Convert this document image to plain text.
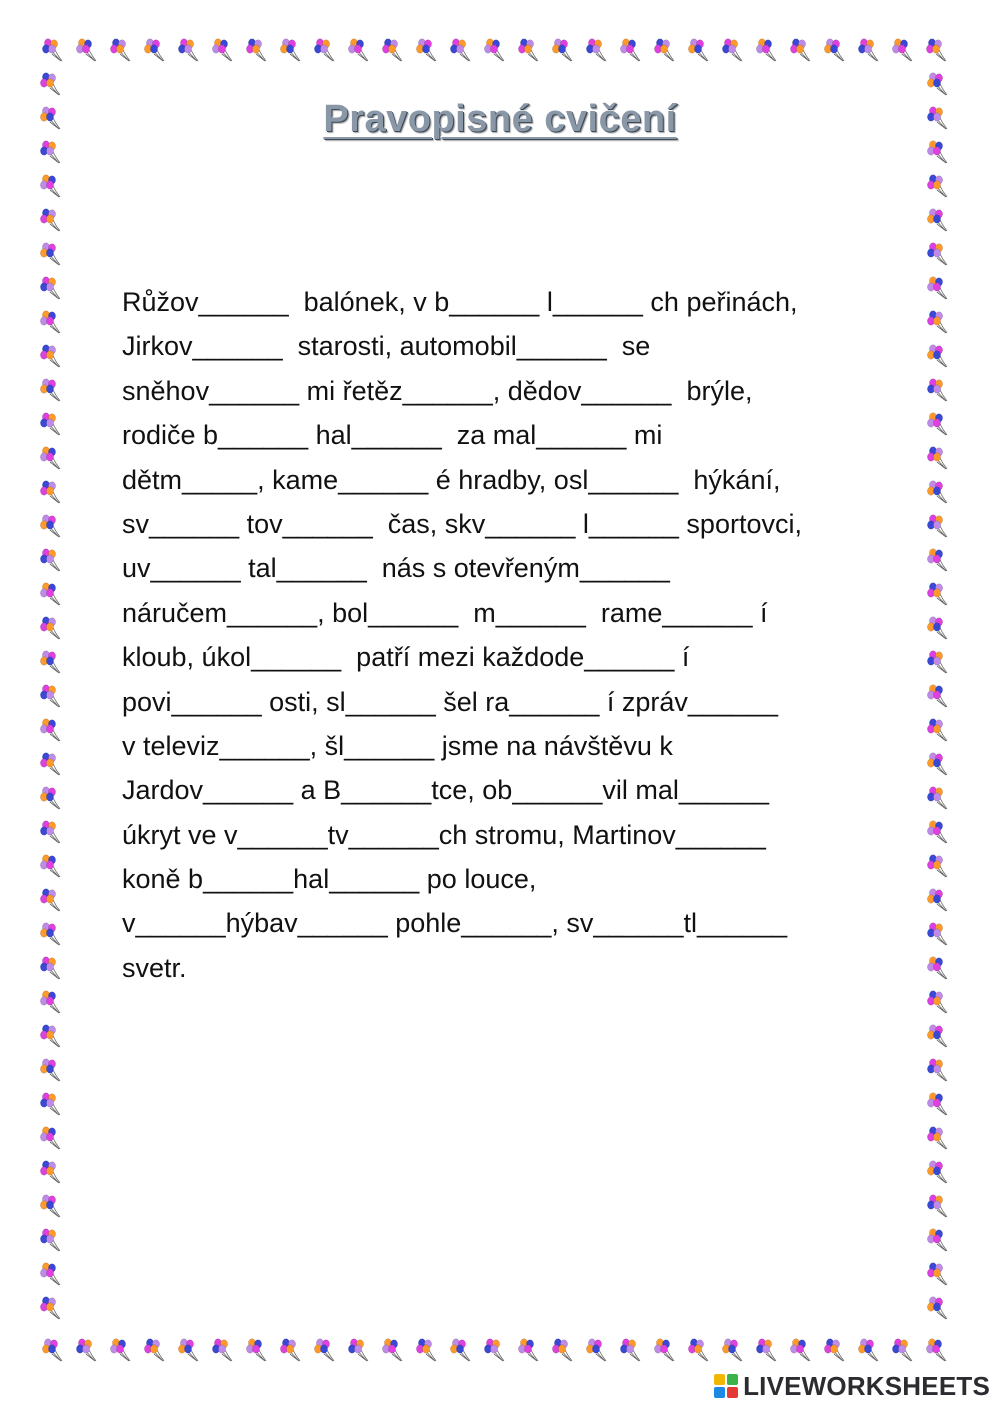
Pravopisné cvičení
Růžov______  balónek, v b______ l______ ch peřinách,
Jirkov______  starosti, automobil______  se
sněhov______ mi řetěz______, dědov______  brýle,
rodiče b______ hal______  za mal______ mi
dětm_____, kame______ é hradby, osl______  hýkání,
sv______ tov______  čas, skv______ l______ sportovci,
uv______ tal______  nás s otevřeným______
náručem______, bol______  m______  rame______ í
kloub, úkol______  patří mezi každode______ í
povi______ osti, sl______ šel ra______ í zpráv______
v televiz______, šl______ jsme na návštěvu k
Jardov______ a B______tce, ob______vil mal______
úkryt ve v______tv______ch stromu, Martinov______
koně b______hal______ po louce,
v______hýbav______ pohle______, sv______tl______
svetr.
LIVEWORKSHEETS
